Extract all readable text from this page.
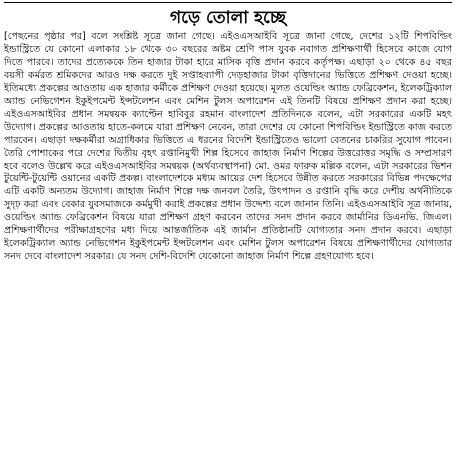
গড়ে তোলা হচ্ছে

[পেছনের পৃষ্ঠার পর] বলে সংশ্লিষ্ট সূত্রে জানা গেছে। এইওএসআইবি সূত্রে জানা গেছে, দেশের ১২টি শিপবিল্ডিং ইন্ডাস্ট্রিতে যে কোনো এলাকার ১৮ থেকে ৩০ বছরের অষ্টম শ্রেণি পাস যুবক নবাগত প্রশিক্ষণার্থী হিসেবে কাজে যোগ দিতে পারবে। তাদের প্রত্যেককে তিন হাজার টাকা হারে মাসিক বৃত্তি প্রদান করবে কর্তৃপক্ষ। এছাড়া ২০ থেকে ৪৫ বছর বয়সী কর্মরত শ্রমিকদের আরও দক্ষ করতে দুই সপ্তাহব্যাপী দেড়হাজার টাকা বৃত্তিদানের ভিত্তিতে প্রশিক্ষণ দেওয়া হচ্ছে। ইতিমধ্যে প্রকল্পের আওতায় এক হাজার কর্মীকে প্রশিক্ষণ দেওয়া হয়েছে। মূলত ওয়েল্ডিং অ্যান্ড ফেব্রিকেশন, ইলেকট্রিক্যাল অ্যান্ড নেভিগেশন ইকুইপমেন্ট ইন্সটলেশন এবং মেশিন টুলস অপারেশন এই তিনটি বিষয়ে প্রশিক্ষণ প্রদান করা হচ্ছে। এইওএসআইবির প্রধান সমন্বয়ক ক্যাপ্টেন হাবিবুর রহমান বাংলাদেশ প্রতিদিনকে বলেন, এটা সরকারের একটি মহৎ উদ্যোগ। প্রকল্পের আওতায় হাতে-কলমে যারা প্রশিক্ষণ নেবেন, তারা দেশের যে কোনো শিপবিল্ডিং ইন্ডাস্ট্রিতে কাজ করতে পারবেন। এছাড়া দক্ষকর্মীরা অগ্রাধিকার ভিত্তিতে এ ধরনের বিদেশি ইন্ডাস্ট্রিতেও ভালো বেতনের চাকরির সুযোগ পাবেন। তৈরি পোশাকের পরে দেশের দ্বিতীয় বৃহৎ রপ্তানিমুখী শিল্প হিসেবে জাহাজ নির্মাণ শিল্পের উত্তরোত্তর সমৃদ্ধি ও সম্প্রসারণ হবে বলেও উল্লেখ করে এইওএসআইবির সমন্বয়ক (অর্থব্যবস্থাপনা) মো. ওমর ফারুক মল্লিক বলেন, এটা সরকারের ভিশন টুয়েন্টি-টুয়েন্টি ওয়ানের একটি প্রকল্প। বাংলাদেশকে মধ্যম আয়ের দেশ হিসেবে উন্নীত করতে সরকারের বিভিন্ন পদক্ষেপের এটি একটি অন্যতম উদ্যোগ। জাহাজ নির্মাণ শিল্পে দক্ষ জনবল তৈরি, উৎপাদন ও রপ্তানি বৃদ্ধি করে দেশীয় অর্থনীতিকে সুদৃঢ় করা এবং বেকার যুবসমাজকে কর্মমুখী করাই প্রকল্পের প্রধান উদ্দেশ্য বলে জানান তিনি। এইওএসআইবি সূত্র জানায়, ওয়েল্ডিং অ্যান্ড ফেব্রিকেশন বিষয়ে যারা প্রশিক্ষণ গ্রহণ করবেন তাদের সনদ প্রদান করবে জার্মানির ডিএনভি. জিএল। প্রশিক্ষণার্থীদের পরীক্ষাগ্রহণের মধ্য দিয়ে আন্তর্জাতিক এই জার্মান প্রতিষ্ঠানটি যোগ্যতার সনদ প্রদান করবে। এছাড়া ইলেকট্রিক্যাল অ্যান্ড নেভিগেশন ইকুইপমেন্ট ইন্সটলেশন এবং মেশিন টুলস অপারেশন বিষয়ে প্রশিক্ষণার্থীদের যোগ্যতার সনদ দেবে বাংলাদেশ সরকার। যে সনদ দেশি-বিদেশি যেকোনো জাহাজ নির্মাণ শিল্পে গ্রহণযোগ্য হবে।
